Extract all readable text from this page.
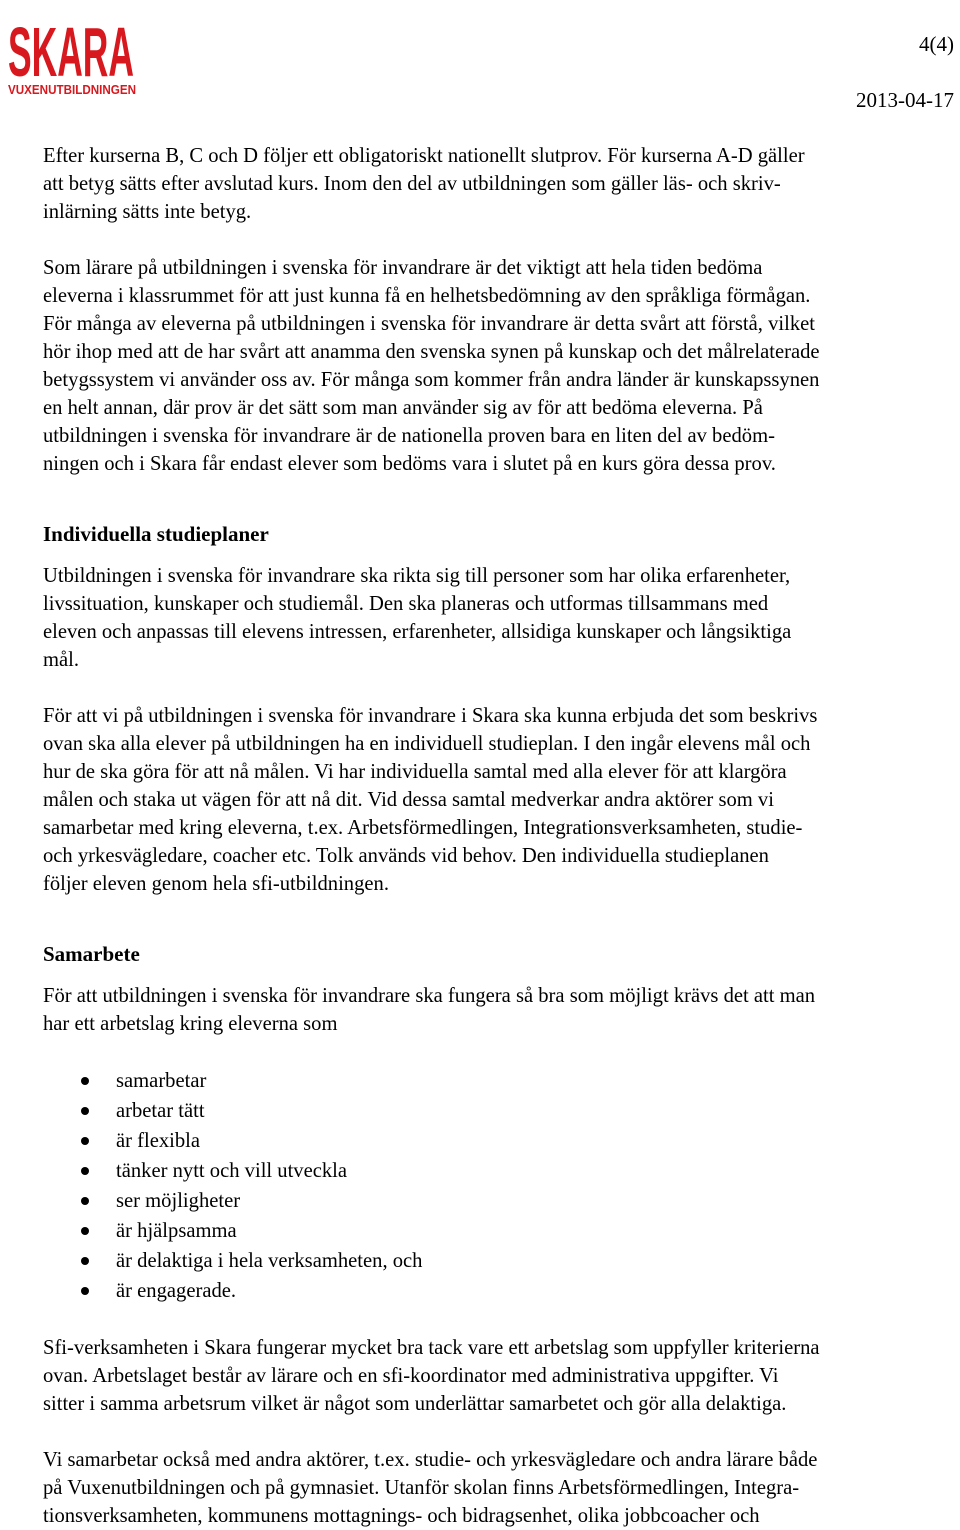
SKARA
VUXENUTBILDNINGEN
4(4)
2013-04-17

Efter kurserna B, C och D följer ett obligatoriskt nationellt slutprov. För kurserna A-D gäller
att betyg sätts efter avslutad kurs. Inom den del av utbildningen som gäller läs- och skriv-
inlärning sätts inte betyg.

Som lärare på utbildningen i svenska för invandrare är det viktigt att hela tiden bedöma
eleverna i klassrummet för att just kunna få en helhetsbedömning av den språkliga förmågan.
För många av eleverna på utbildningen i svenska för invandrare är detta svårt att förstå, vilket
hör ihop med att de har svårt att anamma den svenska synen på kunskap och det målrelaterade
betygssystem vi använder oss av. För många som kommer från andra länder är kunskapssynen
en helt annan, där prov är det sätt som man använder sig av för att bedöma eleverna. På
utbildningen i svenska för invandrare är de nationella proven bara en liten del av bedöm-
ningen och i Skara får endast elever som bedöms vara i slutet på en kurs göra dessa prov.

Individuella studieplaner

Utbildningen i svenska för invandrare ska rikta sig till personer som har olika erfarenheter,
livssituation, kunskaper och studiemål. Den ska planeras och utformas tillsammans med
eleven och anpassas till elevens intressen, erfarenheter, allsidiga kunskaper och långsiktiga
mål.

För att vi på utbildningen i svenska för invandrare i Skara ska kunna erbjuda det som beskrivs
ovan ska alla elever på utbildningen ha en individuell studieplan. I den ingår elevens mål och
hur de ska göra för att nå målen. Vi har individuella samtal med alla elever för att klargöra
målen och staka ut vägen för att nå dit. Vid dessa samtal medverkar andra aktörer som vi
samarbetar med kring eleverna, t.ex. Arbetsförmedlingen, Integrationsverksamheten, studie-
och yrkesvägledare, coacher etc. Tolk används vid behov. Den individuella studieplanen
följer eleven genom hela sfi-utbildningen.

Samarbete

För att utbildningen i svenska för invandrare ska fungera så bra som möjligt krävs det att man
har ett arbetslag kring eleverna som

samarbetar
arbetar tätt
är flexibla
tänker nytt och vill utveckla
ser möjligheter
är hjälpsamma
är delaktiga i hela verksamheten, och
är engagerade.

Sfi-verksamheten i Skara fungerar mycket bra tack vare ett arbetslag som uppfyller kriterierna
ovan. Arbetslaget består av lärare och en sfi-koordinator med administrativa uppgifter. Vi
sitter i samma arbetsrum vilket är något som underlättar samarbetet och gör alla delaktiga.

Vi samarbetar också med andra aktörer, t.ex. studie- och yrkesvägledare och andra lärare både
på Vuxenutbildningen och på gymnasiet. Utanför skolan finns Arbetsförmedlingen, Integra-
tionsverksamheten, kommunens mottagnings- och bidragsenhet, olika jobbcoacher och
